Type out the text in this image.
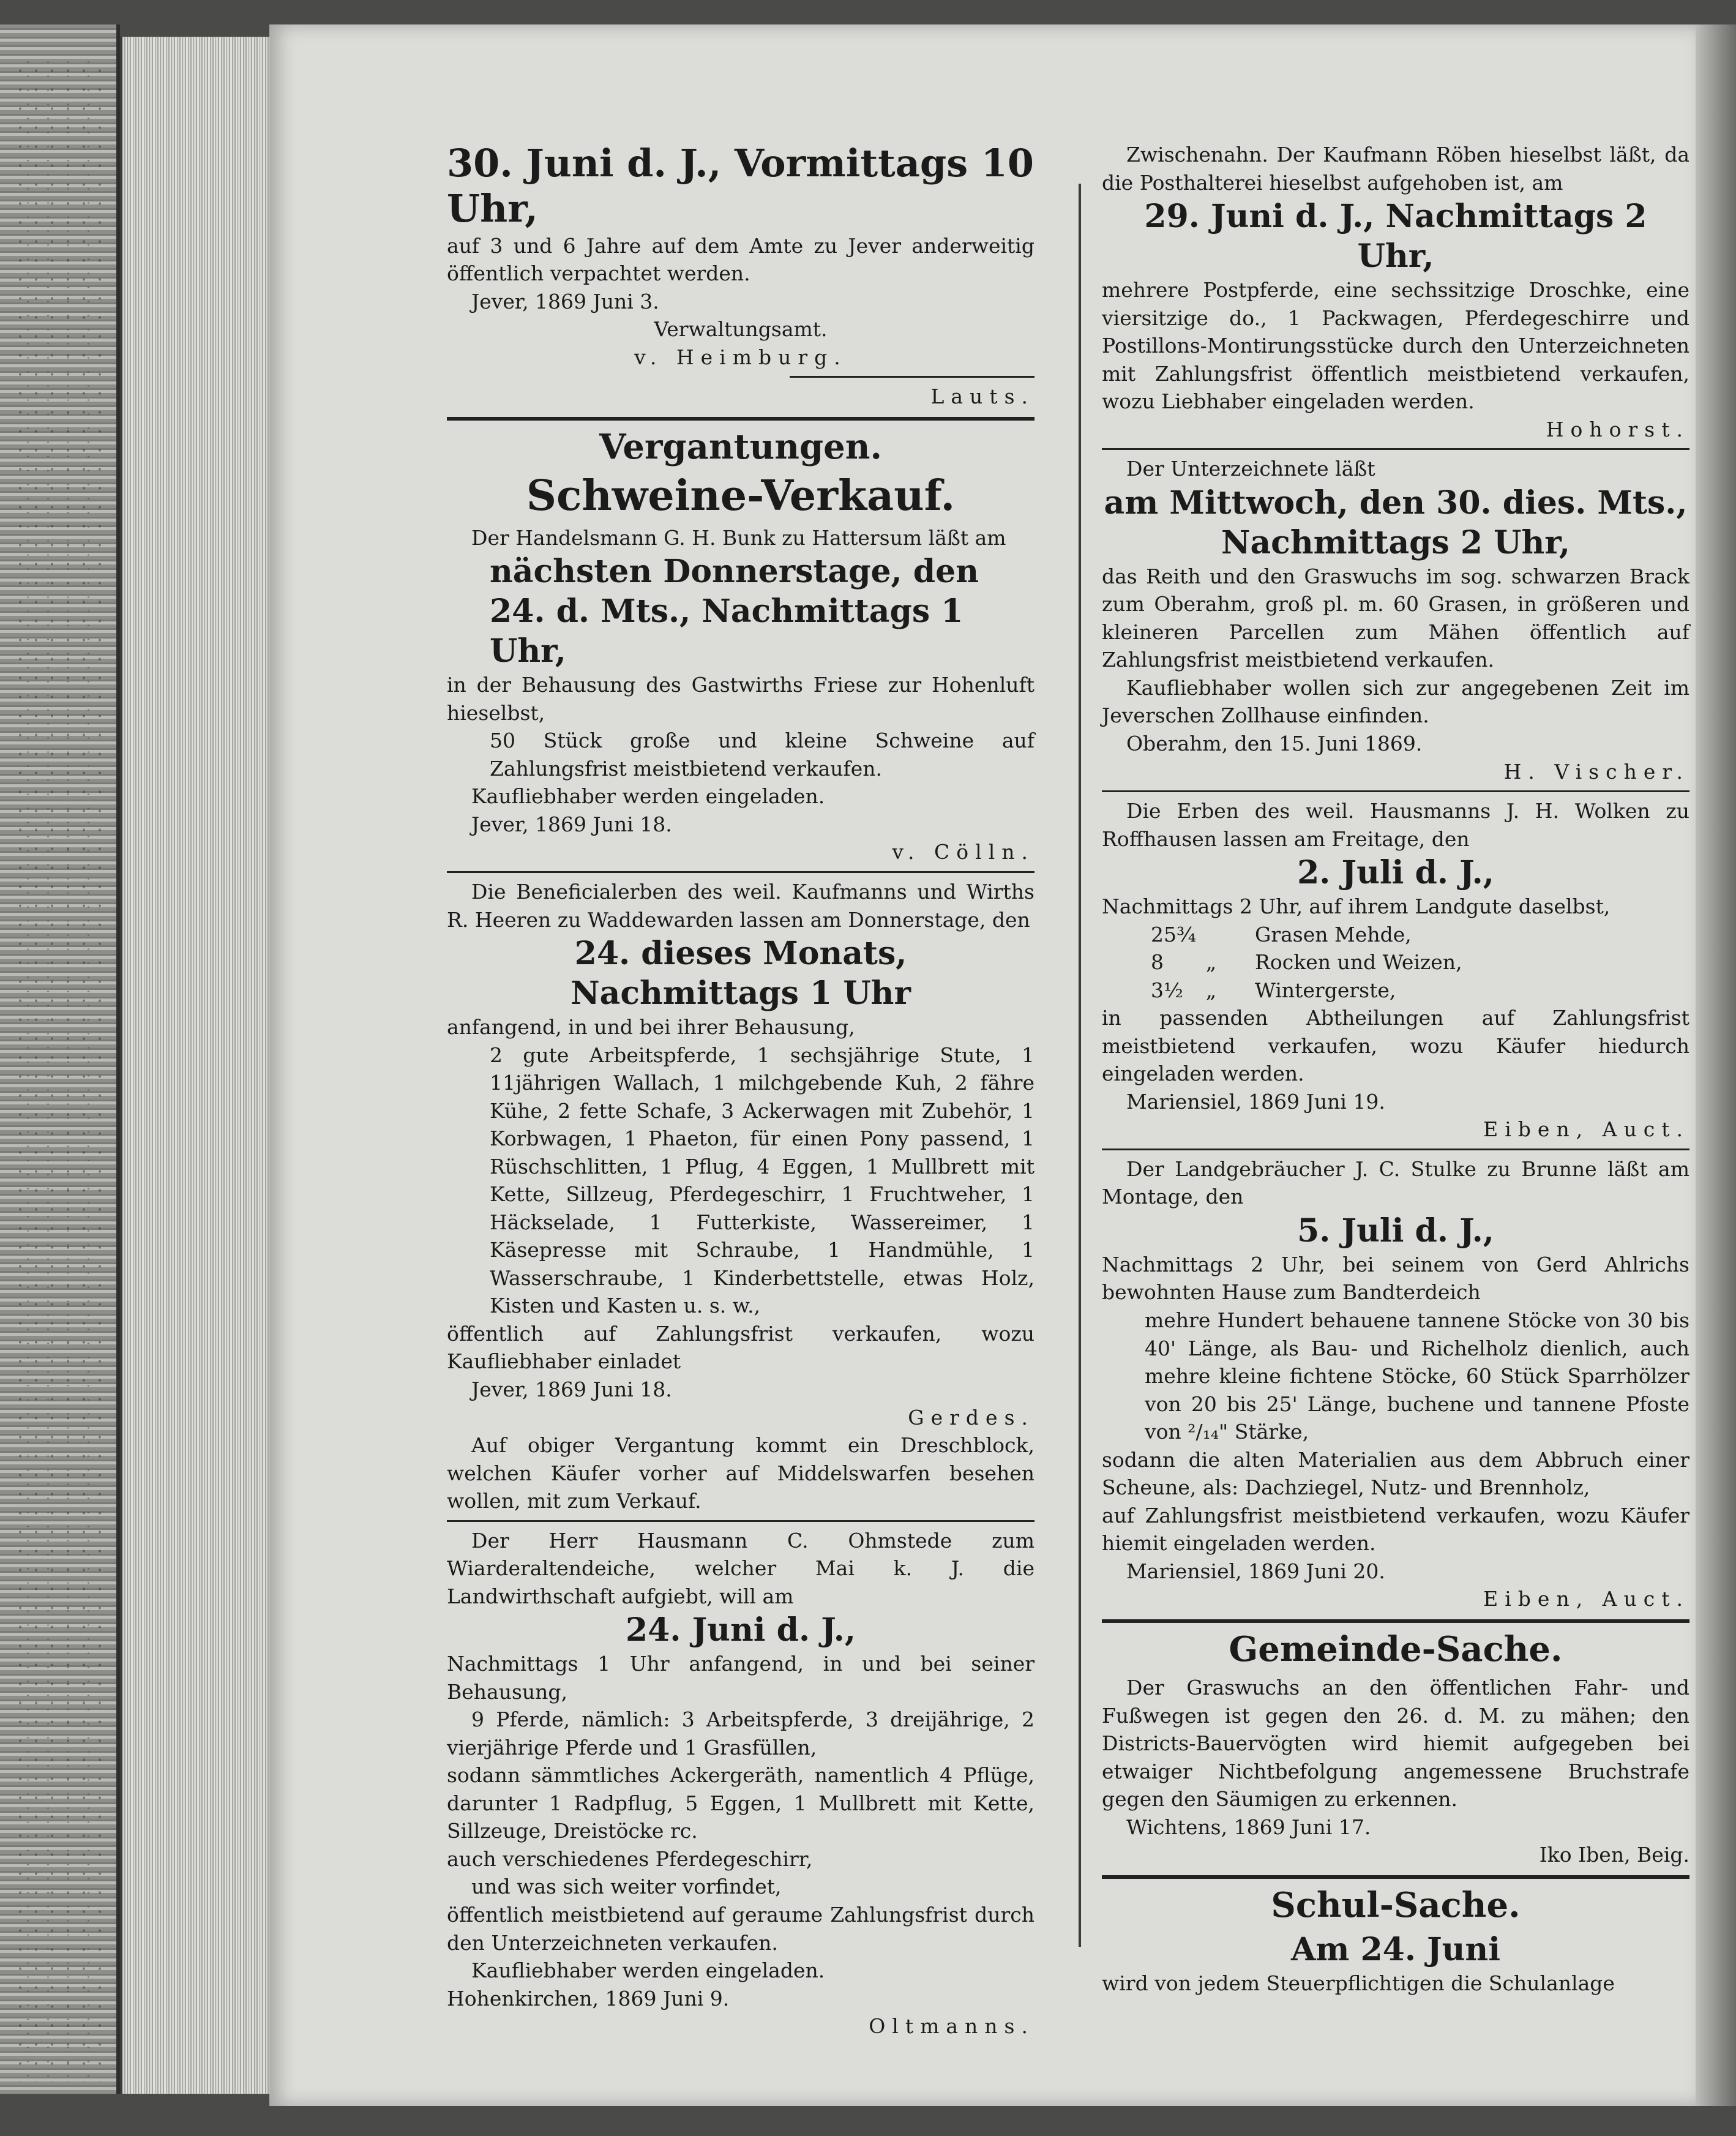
30. Juni d. J., Vormittags 10 Uhr,

auf 3 und 6 Jahre auf dem Amte zu Jever anderweitig öffentlich verpachtet werden.

Jever, 1869 Juni 3.

Verwaltungsamt.

v. Heimburg.

Lauts.

Vergantungen.

Schweine-Verkauf.

Der Handelsmann G. H. Bunk zu Hattersum läßt am

nächsten Donnerstage, den 24. d. Mts., Nachmittags 1 Uhr,

in der Behausung des Gastwirths Friese zur Hohenluft hieselbst,

50 Stück große und kleine Schweine auf Zahlungsfrist meistbietend verkaufen.

Kaufliebhaber werden eingeladen.

Jever, 1869 Juni 18.

v. Cölln.

Die Beneficialerben des weil. Kaufmanns und Wirths R. Heeren zu Waddewarden lassen am Donnerstage, den

24. dieses Monats,

Nachmittags 1 Uhr

anfangend, in und bei ihrer Behausung,

2 gute Arbeitspferde, 1 sechsjährige Stute, 1 11jährigen Wallach, 1 milchgebende Kuh, 2 fähre Kühe, 2 fette Schafe, 3 Ackerwagen mit Zubehör, 1 Korbwagen, 1 Phaeton, für einen Pony passend, 1 Rüschschlitten, 1 Pflug, 4 Eggen, 1 Mullbrett mit Kette, Sillzeug, Pferdegeschirr, 1 Fruchtweher, 1 Häckselade, 1 Futterkiste, Wassereimer, 1 Käsepresse mit Schraube, 1 Handmühle, 1 Wasserschraube, 1 Kinderbettstelle, etwas Holz, Kisten und Kasten u. s. w.,

öffentlich auf Zahlungsfrist verkaufen, wozu Kaufliebhaber einladet

Jever, 1869 Juni 18.

Gerdes.

Auf obiger Vergantung kommt ein Dreschblock, welchen Käufer vorher auf Middelswarfen besehen wollen, mit zum Verkauf.

Der Herr Hausmann C. Ohmstede zum Wiarderaltendeiche, welcher Mai k. J. die Landwirthschaft aufgiebt, will am

24. Juni d. J.,

Nachmittags 1 Uhr anfangend, in und bei seiner Behausung,

9 Pferde, nämlich: 3 Arbeitspferde, 3 dreijährige, 2 vierjährige Pferde und 1 Grasfüllen,

sodann sämmtliches Ackergeräth, namentlich 4 Pflüge, darunter 1 Radpflug, 5 Eggen, 1 Mullbrett mit Kette, Sillzeuge, Dreistöcke rc.

auch verschiedenes Pferdegeschirr,

und was sich weiter vorfindet,

öffentlich meistbietend auf geraume Zahlungsfrist durch den Unterzeichneten verkaufen.

Kaufliebhaber werden eingeladen.

Hohenkirchen, 1869 Juni 9.

Oltmanns.

Zwischenahn. Der Kaufmann Röben hieselbst läßt, da die Posthalterei hieselbst aufgehoben ist, am

29. Juni d. J., Nachmittags 2 Uhr,

mehrere Postpferde, eine sechssitzige Droschke, eine viersitzige do., 1 Packwagen, Pferdegeschirre und Postillons-Montirungsstücke durch den Unterzeichneten mit Zahlungsfrist öffentlich meistbietend verkaufen, wozu Liebhaber eingeladen werden.

Hohorst.

Der Unterzeichnete läßt

am Mittwoch, den 30. dies. Mts., Nachmittags 2 Uhr,

das Reith und den Graswuchs im sog. schwarzen Brack zum Oberahm, groß pl. m. 60 Grasen, in größeren und kleineren Parcellen zum Mähen öffentlich auf Zahlungsfrist meistbietend verkaufen.

Kaufliebhaber wollen sich zur angegebenen Zeit im Jeverschen Zollhause einfinden.

Oberahm, den 15. Juni 1869.

H. Vischer.

Die Erben des weil. Hausmanns J. H. Wolken zu Roffhausen lassen am Freitage, den

2. Juli d. J.,

Nachmittags 2 Uhr, auf ihrem Landgute daselbst,

25¾	Grasen Mehde,
8	„	Rocken und Weizen,
3½	„	Wintergerste,

in passenden Abtheilungen auf Zahlungsfrist meistbietend verkaufen, wozu Käufer hiedurch eingeladen werden.

Mariensiel, 1869 Juni 19.

Eiben, Auct.

Der Landgebräucher J. C. Stulke zu Brunne läßt am Montage, den

5. Juli d. J.,

Nachmittags 2 Uhr, bei seinem von Gerd Ahlrichs bewohnten Hause zum Bandterdeich

mehre Hundert behauene tannene Stöcke von 30 bis 40' Länge, als Bau- und Richelholz dienlich, auch mehre kleine fichtene Stöcke, 60 Stück Sparrhölzer von 20 bis 25' Länge, buchene und tannene Pfoste von ²/₁₄" Stärke,

sodann die alten Materialien aus dem Abbruch einer Scheune, als: Dachziegel, Nutz- und Brennholz,

auf Zahlungsfrist meistbietend verkaufen, wozu Käufer hiemit eingeladen werden.

Mariensiel, 1869 Juni 20.

Eiben, Auct.

Gemeinde-Sache.

Der Graswuchs an den öffentlichen Fahr- und Fußwegen ist gegen den 26. d. M. zu mähen; den Districts-Bauervögten wird hiemit aufgegeben bei etwaiger Nichtbefolgung angemessene Bruchstrafe gegen den Säumigen zu erkennen.

Wichtens, 1869 Juni 17.

Iko Iben, Beig.

Schul-Sache.

Am 24. Juni

wird von jedem Steuerpflichtigen die Schulanlage
